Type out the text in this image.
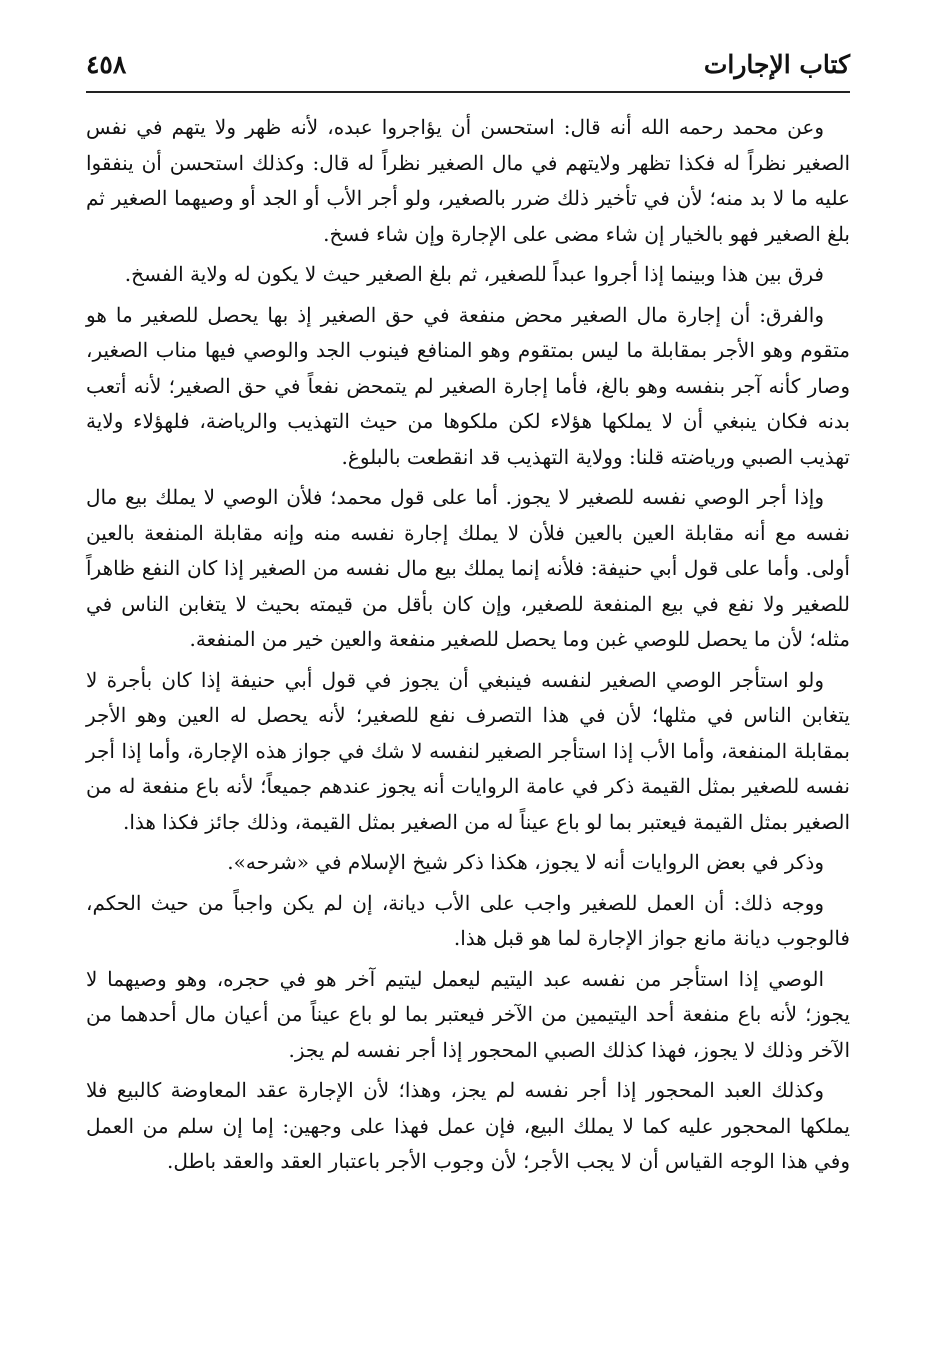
كتاب الإجارات
٤٥٨

وعن محمد رحمه الله أنه قال: استحسن أن يؤاجروا عبده، لأنه ظهر ولا يتهم في نفس الصغير نظراً له فكذا تظهر ولايتهم في مال الصغير نظراً له قال: وكذلك استحسن أن ينفقوا عليه ما لا بد منه؛ لأن في تأخير ذلك ضرر بالصغير، ولو أجر الأب أو الجد أو وصيهما الصغير ثم بلغ الصغير فهو بالخيار إن شاء مضى على الإجارة وإن شاء فسخ.

فرق بين هذا وبينما إذا أجروا عبداً للصغير، ثم بلغ الصغير حيث لا يكون له ولاية الفسخ.

والفرق: أن إجارة مال الصغير محض منفعة في حق الصغير إذ بها يحصل للصغير ما هو متقوم وهو الأجر بمقابلة ما ليس بمتقوم وهو المنافع فينوب الجد والوصي فيها مناب الصغير، وصار كأنه آجر بنفسه وهو بالغ، فأما إجارة الصغير لم يتمحض نفعاً في حق الصغير؛ لأنه أتعب بدنه فكان ينبغي أن لا يملكها هؤلاء لكن ملكوها من حيث التهذيب والرياضة، فلهؤلاء ولاية تهذيب الصبي ورياضته قلنا: وولاية التهذيب قد انقطعت بالبلوغ.

وإذا أجر الوصي نفسه للصغير لا يجوز. أما على قول محمد؛ فلأن الوصي لا يملك بيع مال نفسه مع أنه مقابلة العين بالعين فلأن لا يملك إجارة نفسه منه وإنه مقابلة المنفعة بالعين أولى. وأما على قول أبي حنيفة: فلأنه إنما يملك بيع مال نفسه من الصغير إذا كان النفع ظاهراً للصغير ولا نفع في بيع المنفعة للصغير، وإن كان بأقل من قيمته بحيث لا يتغابن الناس في مثله؛ لأن ما يحصل للوصي غبن وما يحصل للصغير منفعة والعين خير من المنفعة.

ولو استأجر الوصي الصغير لنفسه فينبغي أن يجوز في قول أبي حنيفة إذا كان بأجرة لا يتغابن الناس في مثلها؛ لأن في هذا التصرف نفع للصغير؛ لأنه يحصل له العين وهو الأجر بمقابلة المنفعة، وأما الأب إذا استأجر الصغير لنفسه لا شك في جواز هذه الإجارة، وأما إذا أجر نفسه للصغير بمثل القيمة ذكر في عامة الروايات أنه يجوز عندهم جميعاً؛ لأنه باع منفعة له من الصغير بمثل القيمة فيعتبر بما لو باع عيناً له من الصغير بمثل القيمة، وذلك جائز فكذا هذا.

وذكر في بعض الروايات أنه لا يجوز، هكذا ذكر شيخ الإسلام في «شرحه».

ووجه ذلك: أن العمل للصغير واجب على الأب ديانة، إن لم يكن واجباً من حيث الحكم، فالوجوب ديانة مانع جواز الإجارة لما هو قبل هذا.

الوصي إذا استأجر من نفسه عبد اليتيم ليعمل ليتيم آخر هو في حجره، وهو وصيهما لا يجوز؛ لأنه باع منفعة أحد اليتيمين من الآخر فيعتبر بما لو باع عيناً من أعيان مال أحدهما من الآخر وذلك لا يجوز، فهذا كذلك الصبي المحجور إذا أجر نفسه لم يجز.

وكذلك العبد المحجور إذا أجر نفسه لم يجز، وهذا؛ لأن الإجارة عقد المعاوضة كالبيع فلا يملكها المحجور عليه كما لا يملك البيع، فإن عمل فهذا على وجهين: إما إن سلم من العمل وفي هذا الوجه القياس أن لا يجب الأجر؛ لأن وجوب الأجر باعتبار العقد والعقد باطل.
